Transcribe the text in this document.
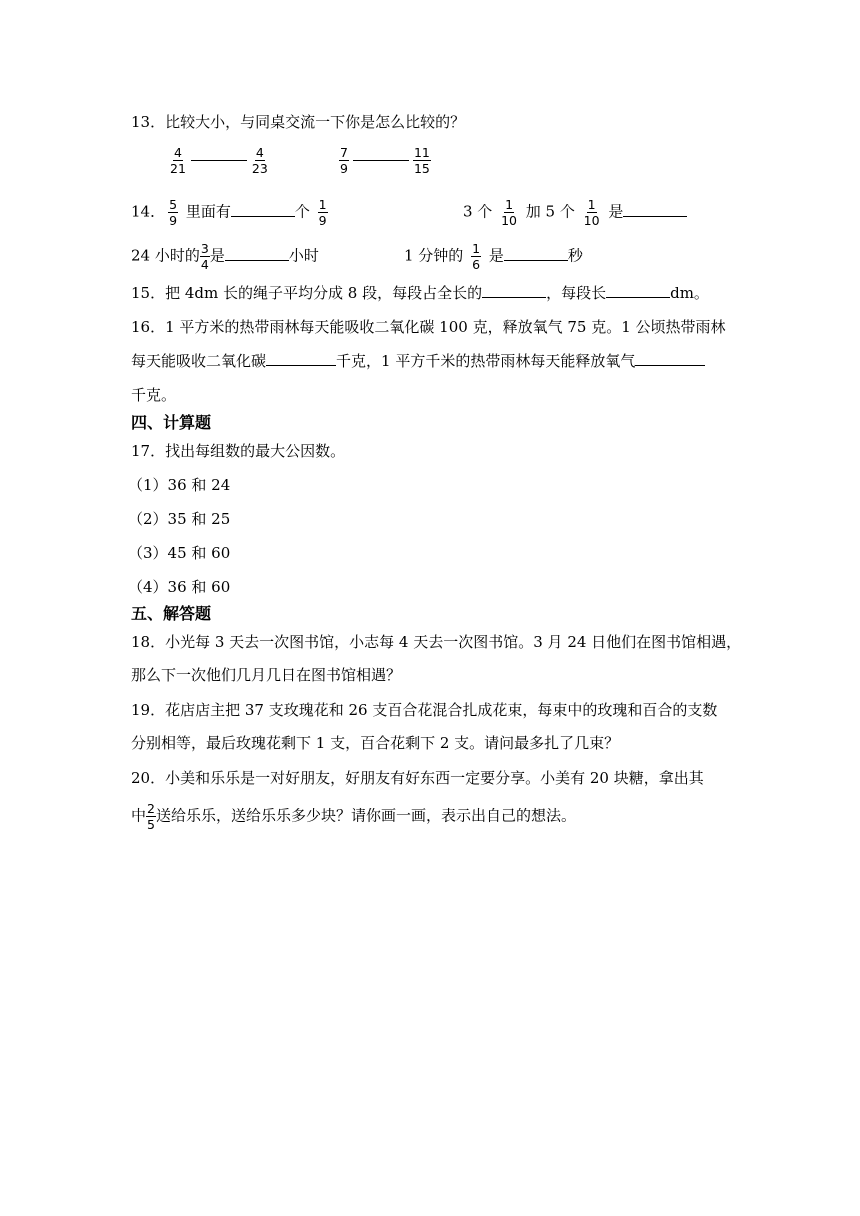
13．比较大小，与同桌交流一下你是怎么比较的？
$\frac{4}{21}$	$\frac{4}{23}$	$\frac{7}{9}$	$\frac{11}{15}$
14． $\frac{5}{9}$ 里面有	个 $\frac{1}{9}$	3 个 $\frac{1}{10}$ 加 5 个 $\frac{1}{10}$ 是
24 小时的 $\frac{3}{4}$ 是	小时	1 分钟的 $\frac{1}{6}$ 是	秒
15．把 4dm 长的绳子平均分成 8 段，每段占全长的	，每段长	dm。
16．1 平方米的热带雨林每天能吸收二氧化碳 100 克，释放氧气 75 克。1 公顷热带雨林
每天能吸收二氧化碳	千克，1 平方千米的热带雨林每天能释放氧气
千克。
四、计算题
17．找出每组数的最大公因数。
（1）36 和 24
（2）35 和 25
（3）45 和 60
（4）36 和 60
五、解答题
18．小光每 3 天去一次图书馆，小志每 4 天去一次图书馆。3 月 24 日他们在图书馆相遇，
那么下一次他们几月几日在图书馆相遇？
19．花店店主把 37 支玫瑰花和 26 支百合花混合扎成花束，每束中的玫瑰和百合的支数
分别相等，最后玫瑰花剩下 1 支，百合花剩下 2 支。请问最多扎了几束？
20．小美和乐乐是一对好朋友，好朋友有好东西一定要分享。小美有 20 块糖，拿出其
中 $\frac{2}{5}$ 送给乐乐，送给乐乐多少块？请你画一画，表示出自己的想法。
